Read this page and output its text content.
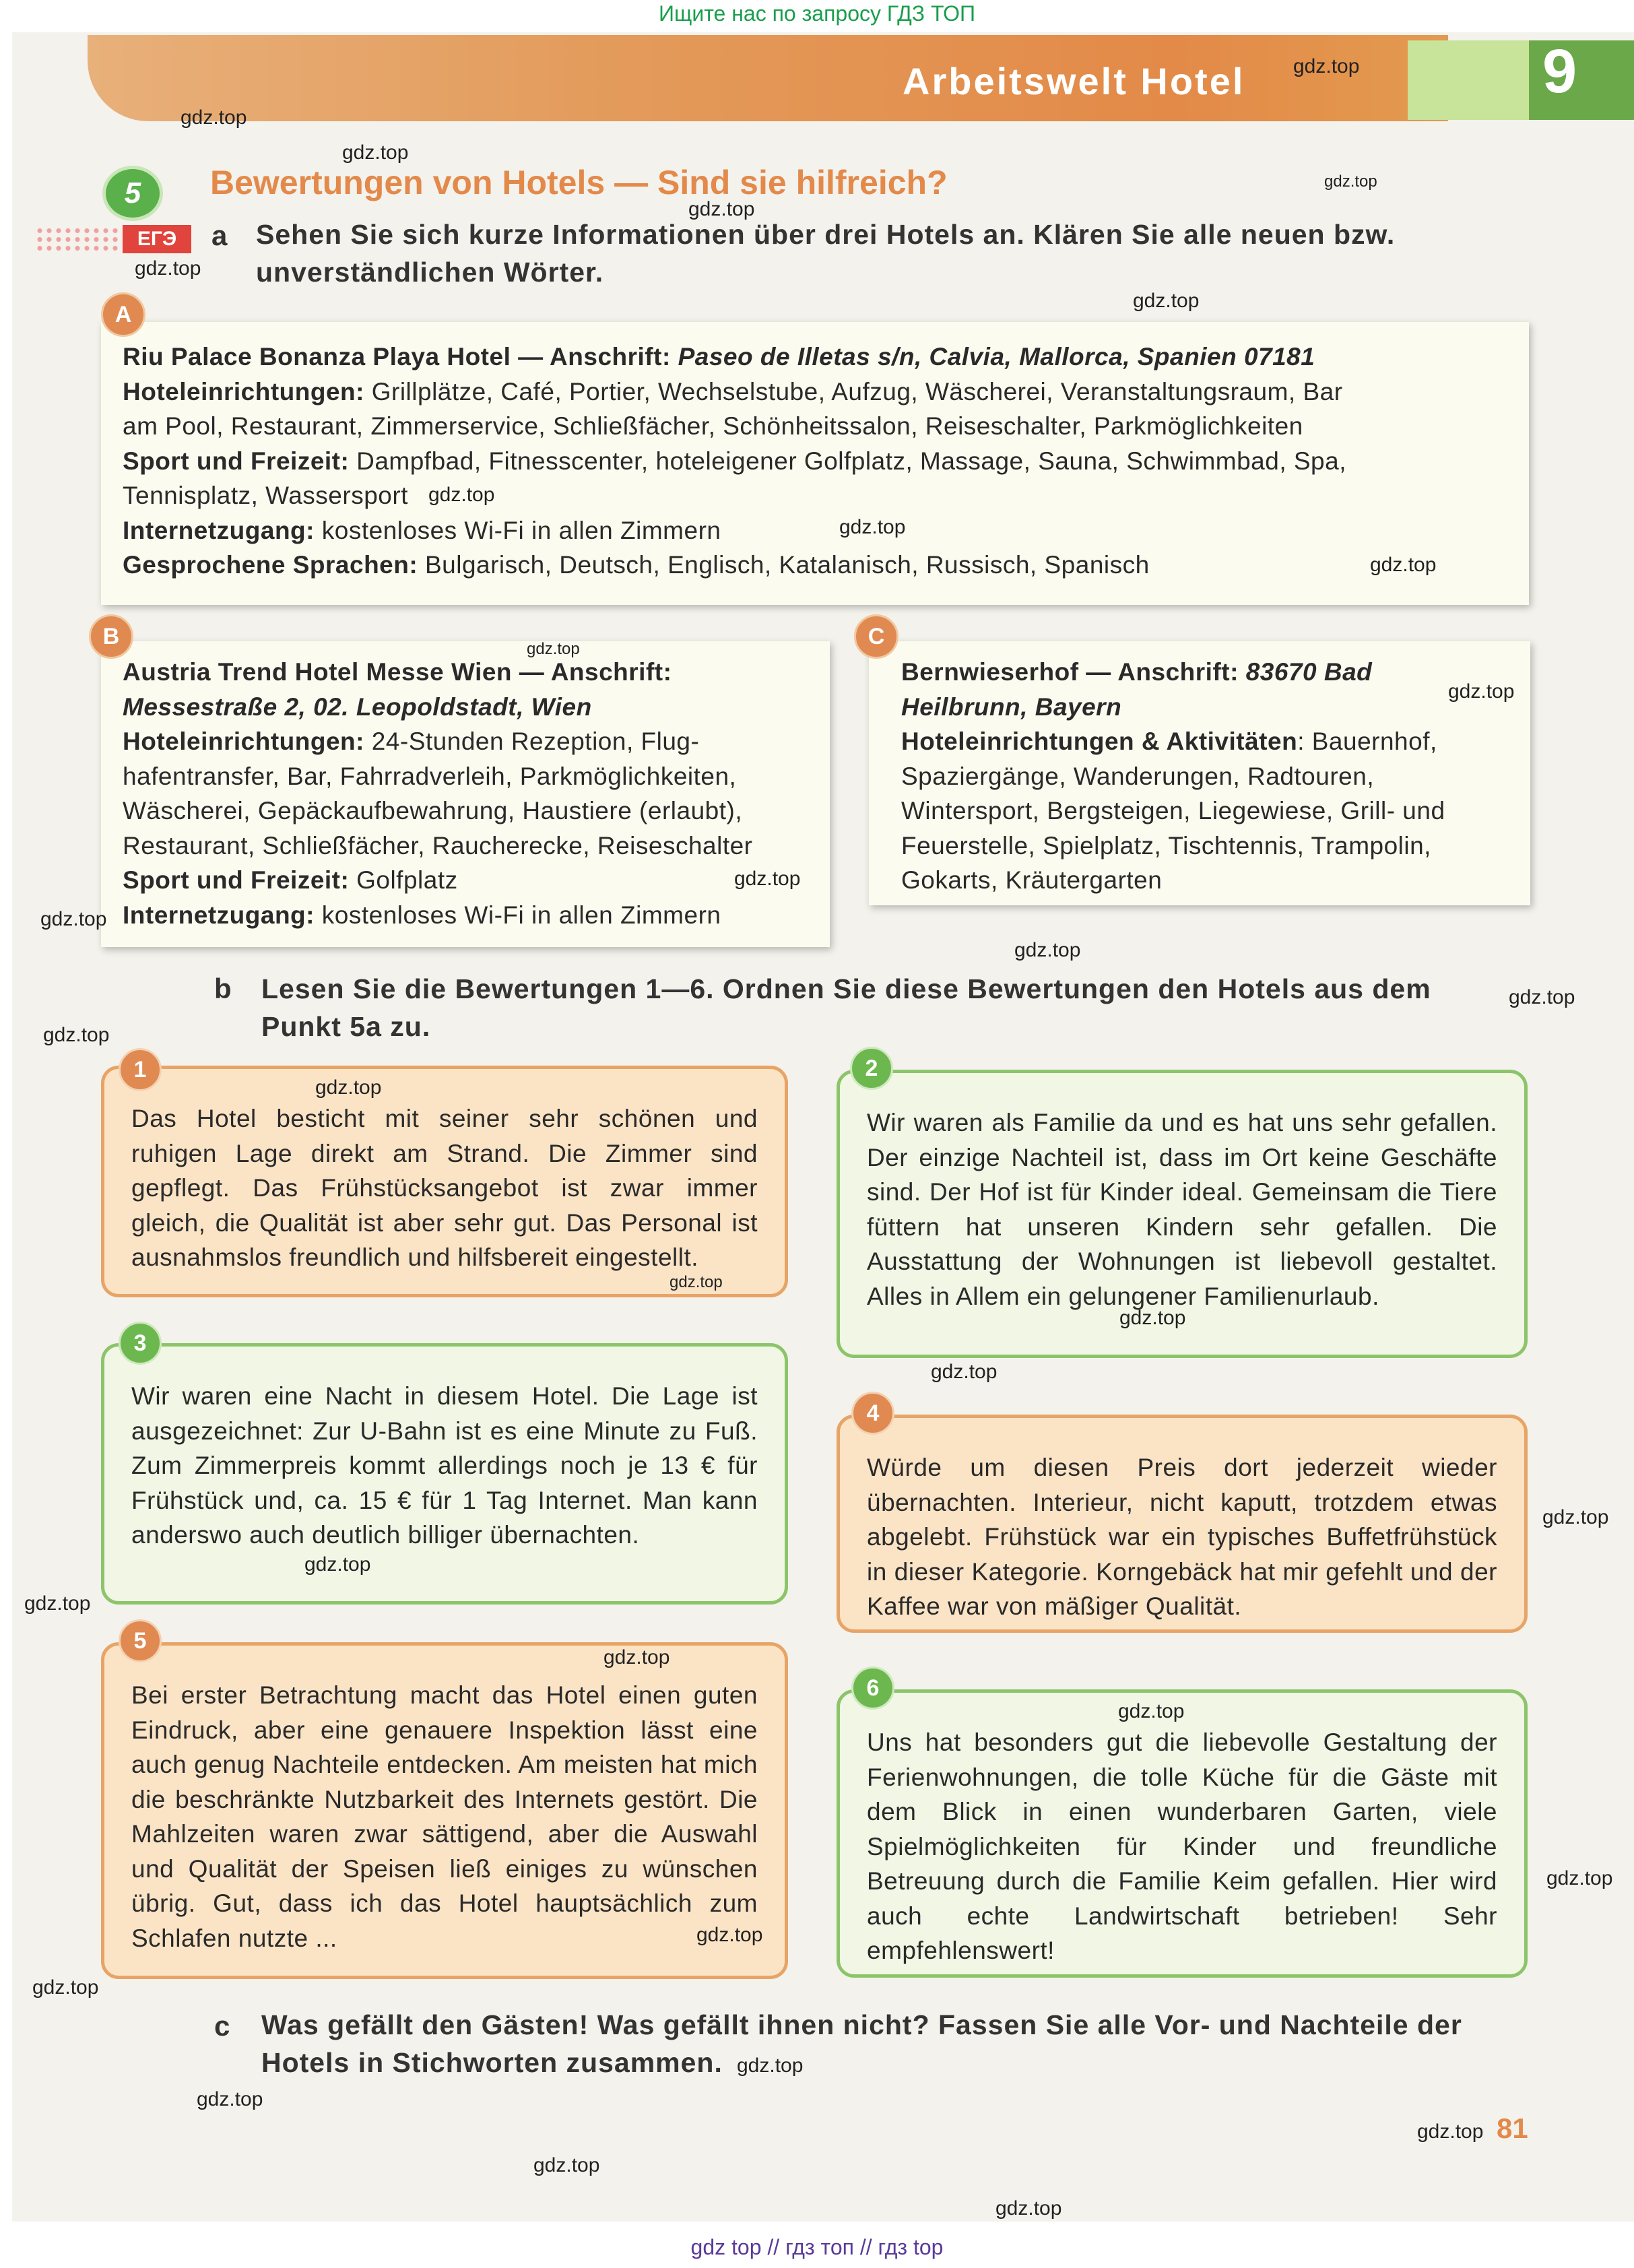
Ищите нас по запросу ГДЗ ТОП
Arbeitswelt Hotel	9
5	Bewertungen von Hotels — Sind sie hilfreich?
ЕГЭ	a Sehen Sie sich kurze Informationen über drei Hotels an. Klären Sie alle neuen bzw.
unverständlichen Wörter.
Riu Palace Bonanza Playa Hotel — Anschrift: Paseo de Illetas s/n, Calvia, Mallorca, Spanien 07181
Hoteleinrichtungen: Grillplätze, Café, Portier, Wechselstube, Aufzug, Wäscherei, Veranstaltungsraum, Bar
am Pool, Restaurant, Zimmerservice, Schließfächer, Schönheitssalon, Reiseschalter, Parkmöglichkeiten
Sport und Freizeit: Dampfbad, Fitnesscenter, hoteleigener Golfplatz, Massage, Sauna, Schwimmbad, Spa,
Tennisplatz, Wassersport
Internetzugang: kostenloses Wi-Fi in allen Zimmern
Gesprochene Sprachen: Bulgarisch, Deutsch, Englisch, Katalanisch, Russisch, Spanisch
A
Austria Trend Hotel Messe Wien — Anschrift:
Messestraße 2, 02. Leopoldstadt, Wien
Hoteleinrichtungen: 24-Stunden Rezeption, Flug-
hafentransfer, Bar, Fahrradverleih, Parkmöglichkeiten,
Wäscherei, Gepäckaufbewahrung, Haustiere (erlaubt),
Restaurant, Schließfächer, Raucherecke, Reiseschalter
Sport und Freizeit: Golfplatz
Internetzugang: kostenloses Wi-Fi in allen Zimmern
B
Bernwieserhof — Anschrift: 83670 Bad
Heilbrunn, Bayern
Hoteleinrichtungen & Aktivitäten: Bauernhof,
Spaziergänge, Wanderungen, Radtouren,
Wintersport, Bergsteigen, Liegewiese, Grill- und
Feuerstelle, Spielplatz, Tischtennis, Trampolin,
Gokarts, Kräutergarten
C
b Lesen Sie die Bewertungen 1—6. Ordnen Sie diese Bewertungen den Hotels aus dem
Punkt 5a zu.
Das Hotel besticht mit seiner sehr schönen und ruhigen Lage direkt am Strand. Die Zimmer sind gepflegt. Das Frühstücksangebot ist zwar immer gleich, die Qualität ist aber sehr gut. Das Personal ist ausnahmslos freundlich und hilfsbereit eingestellt.
1
Wir waren als Familie da und es hat uns sehr gefallen. Der einzige Nachteil ist, dass im Ort keine Geschäfte sind. Der Hof ist für Kinder ideal. Gemeinsam die Tiere füttern hat unseren Kindern sehr gefallen. Die Ausstattung der Wohnungen ist liebevoll gestaltet. Alles in Allem ein gelungener Familienurlaub.
2
Wir waren eine Nacht in diesem Hotel. Die Lage ist ausgezeichnet: Zur U-Bahn ist es eine Minute zu Fuß. Zum Zimmerpreis kommt allerdings noch je 13 € für Frühstück und, ca. 15 € für 1 Tag Internet. Man kann anderswo auch deutlich billiger übernachten.
3
Würde um diesen Preis dort jederzeit wieder übernachten. Interieur, nicht kaputt, trotzdem etwas abgelebt. Frühstück war ein typisches Buffetfrühstück in dieser Kategorie. Korngebäck hat mir gefehlt und der Kaffee war von mäßiger Qualität.
4
Bei erster Betrachtung macht das Hotel einen guten Eindruck, aber eine genauere Inspektion lässt eine auch genug Nachteile entdecken. Am meisten hat mich die beschränkte Nutzbarkeit des Internets gestört. Die Mahlzeiten waren zwar sättigend, aber die Auswahl und Qualität der Speisen ließ einiges zu wünschen übrig. Gut, dass ich das Hotel hauptsächlich zum Schlafen nutzte ...
5
Uns hat besonders gut die liebevolle Gestaltung der Ferienwohnungen, die tolle Küche für die Gäste mit dem Blick in einen wunderbaren Garten, viele Spielmöglichkeiten für Kinder und freundliche Betreuung durch die Familie Keim gefallen. Hier wird auch echte Landwirtschaft betrieben! Sehr empfehlenswert!
6
c Was gefällt den Gästen! Was gefällt ihnen nicht? Fassen Sie alle Vor- und Nachteile der
Hotels in Stichworten zusammen.
81
gdz.top
gdz.top
gdz.top
gdz.top
gdz.top
gdz.top
gdz.top
gdz.top
gdz.top
gdz.top
gdz.top
gdz.top
gdz.top
gdz.top
gdz.top
gdz.top
gdz.top
gdz.top
gdz.top
gdz.top
gdz.top
gdz.top
gdz.top
gdz.top
gdz.top
gdz.top
gdz.top
gdz.top
gdz.top
gdz.top
gdz.top
gdz.top
gdz.top
gdz.top
gdz top // гдз топ // гдз top
